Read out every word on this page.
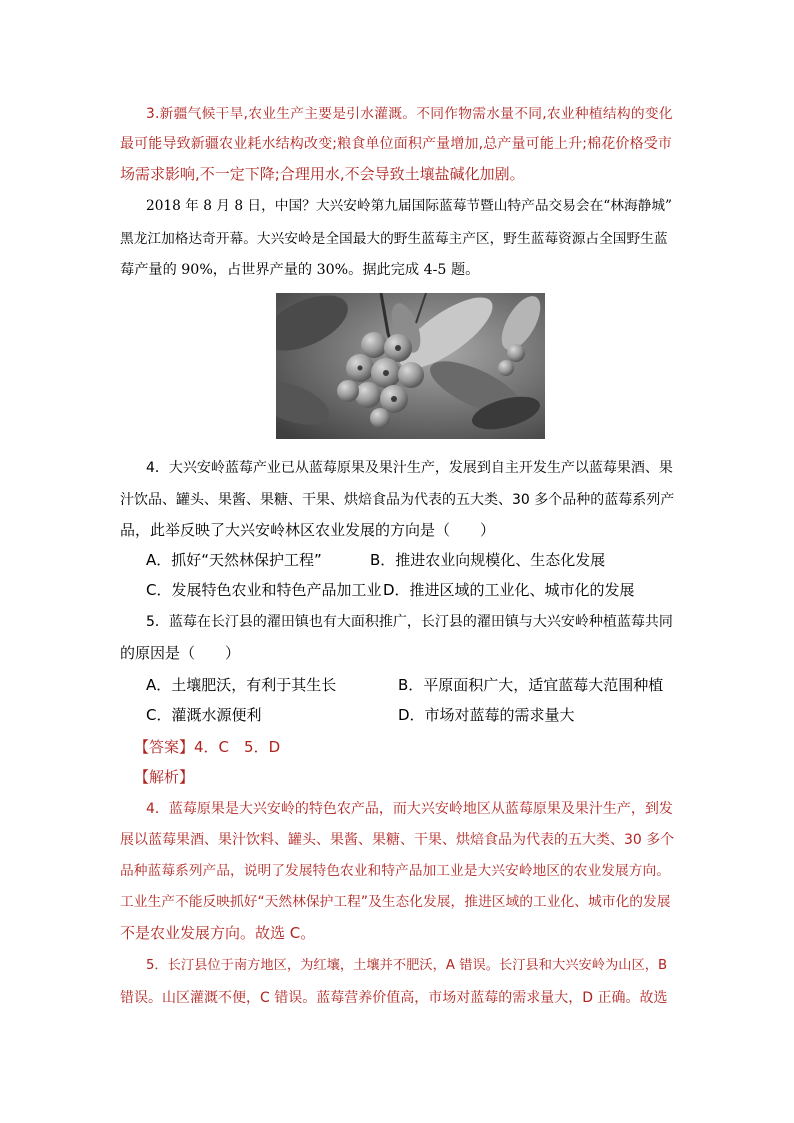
3.新疆气候干旱,农业生产主要是引水灌溉。不同作物需水量不同,农业种植结构的变化
最可能导致新疆农业耗水结构改变;粮食单位面积产量增加,总产量可能上升;棉花价格受市
场需求影响,不一定下降;合理用水,不会导致土壤盐碱化加剧。
2018 年 8 月 8 日，中国？大兴安岭第九届国际蓝莓节暨山特产品交易会在“林海静城”
黑龙江加格达奇开幕。大兴安岭是全国最大的野生蓝莓主产区，野生蓝莓资源占全国野生蓝
莓产量的 90%，占世界产量的 30%。据此完成 4-5 题。
4．大兴安岭蓝莓产业已从蓝莓原果及果汁生产，发展到自主开发生产以蓝莓果酒、果
汁饮品、罐头、果酱、果糖、干果、烘焙食品为代表的五大类、30 多个品种的蓝莓系列产
品，此举反映了大兴安岭林区农业发展的方向是（　　）
A．抓好“天然林保护工程”	B．推进农业向规模化、生态化发展
C．发展特色农业和特色产品加工业 D．推进区域的工业化、城市化的发展
5．蓝莓在长汀县的濯田镇也有大面积推广，长汀县的濯田镇与大兴安岭种植蓝莓共同
的原因是（　　）
A．土壤肥沃，有利于其生长	B．平原面积广大，适宜蓝莓大范围种植
C．灌溉水源便利	D．市场对蓝莓的需求量大
【答案】4．C　5．D
【解析】
4．蓝莓原果是大兴安岭的特色农产品，而大兴安岭地区从蓝莓原果及果汁生产，到发
展以蓝莓果酒、果汁饮料、罐头、果酱、果糖、干果、烘焙食品为代表的五大类、30 多个
品种蓝莓系列产品，说明了发展特色农业和特产品加工业是大兴安岭地区的农业发展方向。
工业生产不能反映抓好“天然林保护工程”及生态化发展，推进区域的工业化、城市化的发展
不是农业发展方向。故选 C。
5．长汀县位于南方地区，为红壤，土壤并不肥沃，A 错误。长汀县和大兴安岭为山区，B
错误。山区灌溉不便，C 错误。蓝莓营养价值高，市场对蓝莓的需求量大，D 正确。故选
